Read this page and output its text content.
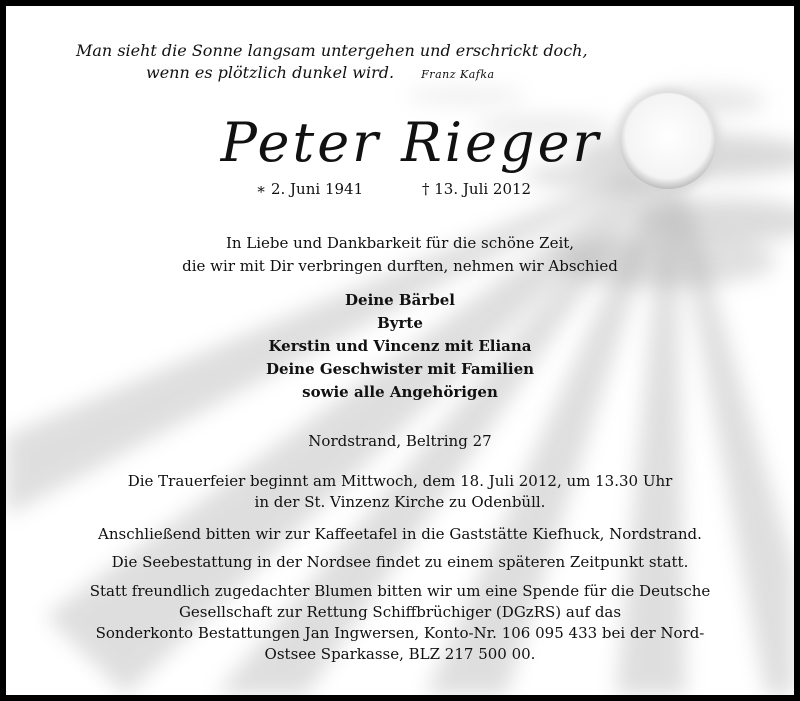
Man sieht die Sonne langsam untergehen und erschrickt doch,
wenn es plötzlich dunkel wird. Franz Kafka
Peter Rieger
∗ 2. Juni 1941	† 13. Juli 2012
In Liebe und Dankbarkeit für die schöne Zeit,
die wir mit Dir verbringen durften, nehmen wir Abschied
Deine Bärbel
Byrte
Kerstin und Vincenz mit Eliana
Deine Geschwister mit Familien
sowie alle Angehörigen
Nordstrand, Beltring 27
Die Trauerfeier beginnt am Mittwoch, dem 18. Juli 2012, um 13.30 Uhr
in der St. Vinzenz Kirche zu Odenbüll.
Anschließend bitten wir zur Kaffeetafel in die Gaststätte Kiefhuck, Nordstrand.
Die Seebestattung in der Nordsee findet zu einem späteren Zeitpunkt statt.
Statt freundlich zugedachter Blumen bitten wir um eine Spende für die Deutsche
Gesellschaft zur Rettung Schiffbrüchiger (DGzRS) auf das
Sonderkonto Bestattungen Jan Ingwersen, Konto-Nr. 106 095 433 bei der Nord-
Ostsee Sparkasse, BLZ 217 500 00.
